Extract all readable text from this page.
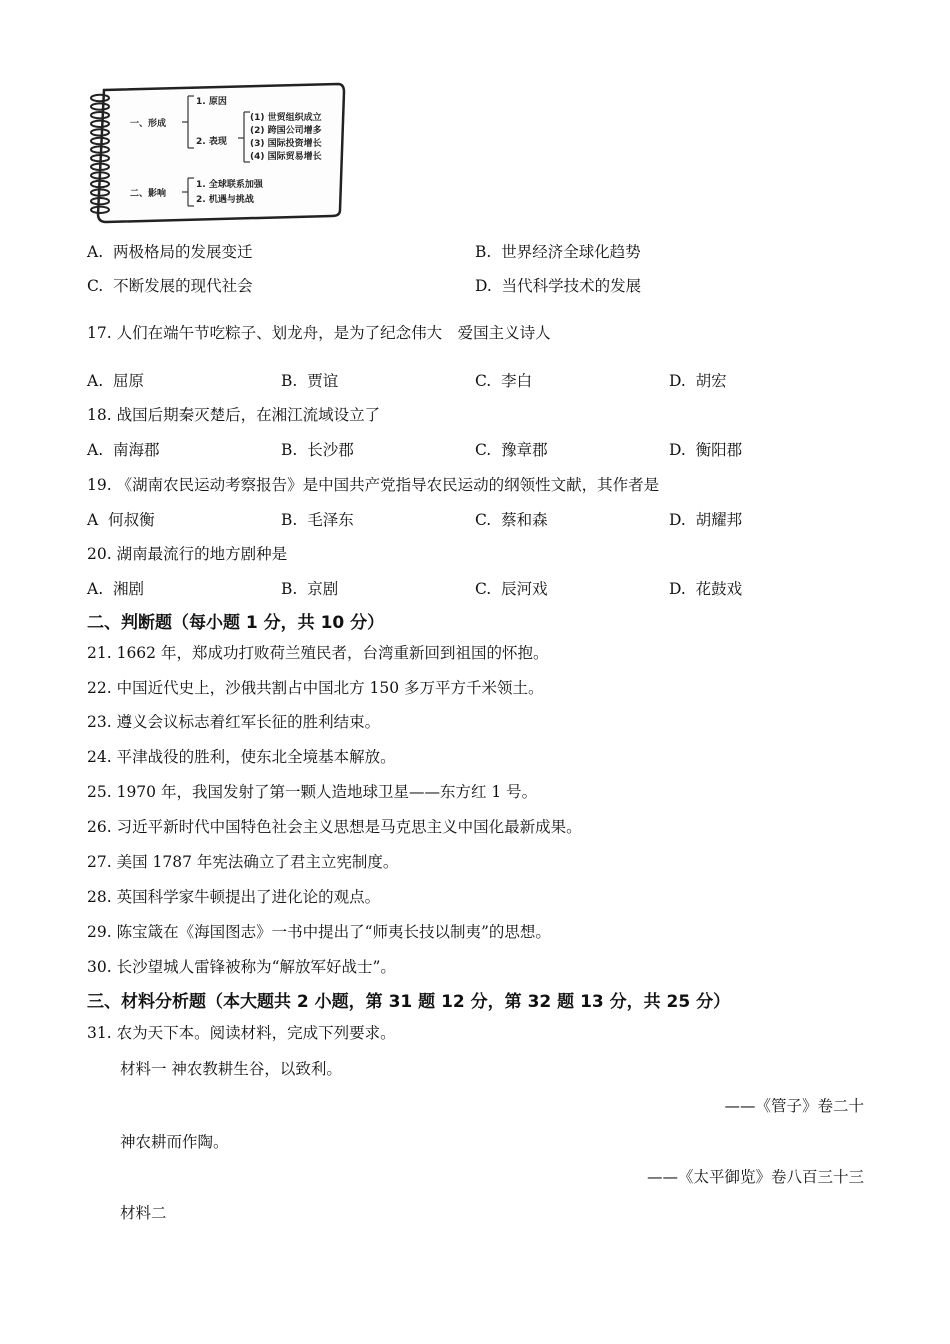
一、形成
1. 原因
2. 表现
(1) 世贸组织成立
(2) 跨国公司增多
(3) 国际投资增长
(4) 国际贸易增长
二、影响
1. 全球联系加强
2. 机遇与挑战
A. 两极格局的发展变迁	B. 世界经济全球化趋势
C. 不断发展的现代社会	D. 当代科学技术的发展
17. 人们在端午节吃粽子、划龙舟，是为了纪念伟大　爱国主义诗人
A. 屈原	B. 贾谊	C. 李白	D. 胡宏
18. 战国后期秦灭楚后，在湘江流域设立了
A. 南海郡	B. 长沙郡	C. 豫章郡	D. 衡阳郡
19. 《湖南农民运动考察报告》是中国共产党指导农民运动的纲领性文献，其作者是
A 何叔衡	B. 毛泽东	C. 蔡和森	D. 胡耀邦
20. 湖南最流行的地方剧种是
A. 湘剧	B. 京剧	C. 辰河戏	D. 花鼓戏
二、判断题（每小题 1 分，共 10 分）
21. 1662 年，郑成功打败荷兰殖民者，台湾重新回到祖国的怀抱。
22. 中国近代史上，沙俄共割占中国北方 150 多万平方千米领土。
23. 遵义会议标志着红军长征的胜利结束。
24. 平津战役的胜利，使东北全境基本解放。
25. 1970 年，我国发射了第一颗人造地球卫星——东方红 1 号。
26. 习近平新时代中国特色社会主义思想是马克思主义中国化最新成果。
27. 美国 1787 年宪法确立了君主立宪制度。
28. 英国科学家牛顿提出了进化论的观点。
29. 陈宝箴在《海国图志》一书中提出了“师夷长技以制夷”的思想。
30. 长沙望城人雷锋被称为“解放军好战士”。
三、材料分析题（本大题共 2 小题，第 31 题 12 分，第 32 题 13 分，共 25 分）
31. 农为天下本。阅读材料，完成下列要求。
材料一 神农教耕生谷，以致利。
——《管子》卷二十
神农耕而作陶。
——《太平御览》卷八百三十三
材料二
